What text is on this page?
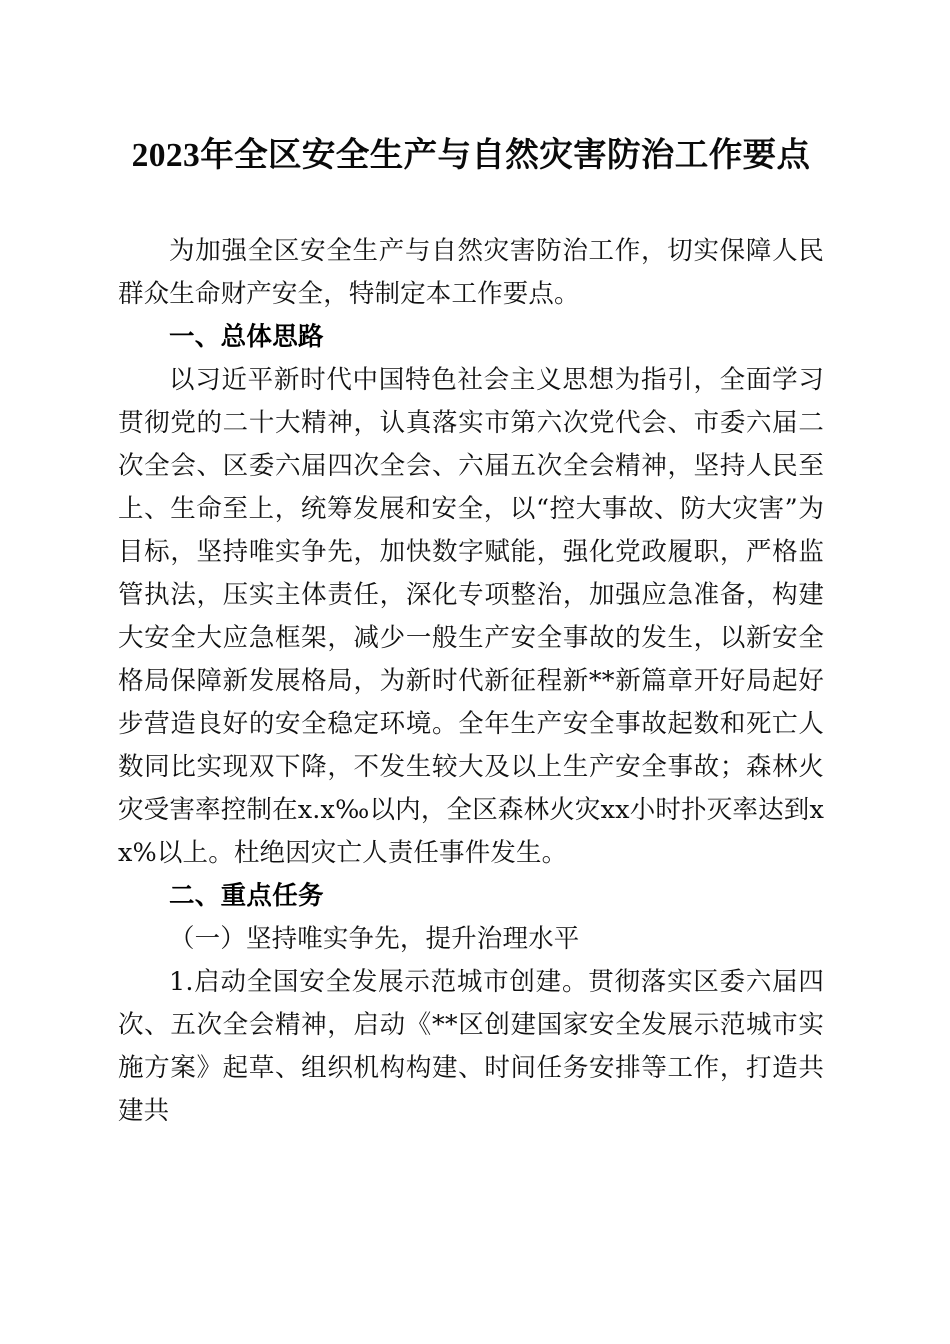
2023年全区安全生产与自然灾害防治工作要点

为加强全区安全生产与自然灾害防治工作，切实保障人民群众生命财产安全，特制定本工作要点。

一、总体思路

以习近平新时代中国特色社会主义思想为指引，全面学习贯彻党的二十大精神，认真落实市第六次党代会、市委六届二次全会、区委六届四次全会、六届五次全会精神，坚持人民至上、生命至上，统筹发展和安全，以“控大事故、防大灾害”为目标，坚持唯实争先，加快数字赋能，强化党政履职，严格监管执法，压实主体责任，深化专项整治，加强应急准备，构建大安全大应急框架，减少一般生产安全事故的发生，以新安全格局保障新发展格局，为新时代新征程新**新篇章开好局起好步营造良好的安全稳定环境。全年生产安全事故起数和死亡人数同比实现双下降，不发生较大及以上生产安全事故；森林火灾受害率控制在x.x‰以内，全区森林火灾xx小时扑灭率达到xx%以上。杜绝因灾亡人责任事件发生。

二、重点任务

（一）坚持唯实争先，提升治理水平

1.启动全国安全发展示范城市创建。贯彻落实区委六届四次、五次全会精神，启动《**区创建国家安全发展示范城市实施方案》起草、组织机构构建、时间任务安排等工作，打造共建共
